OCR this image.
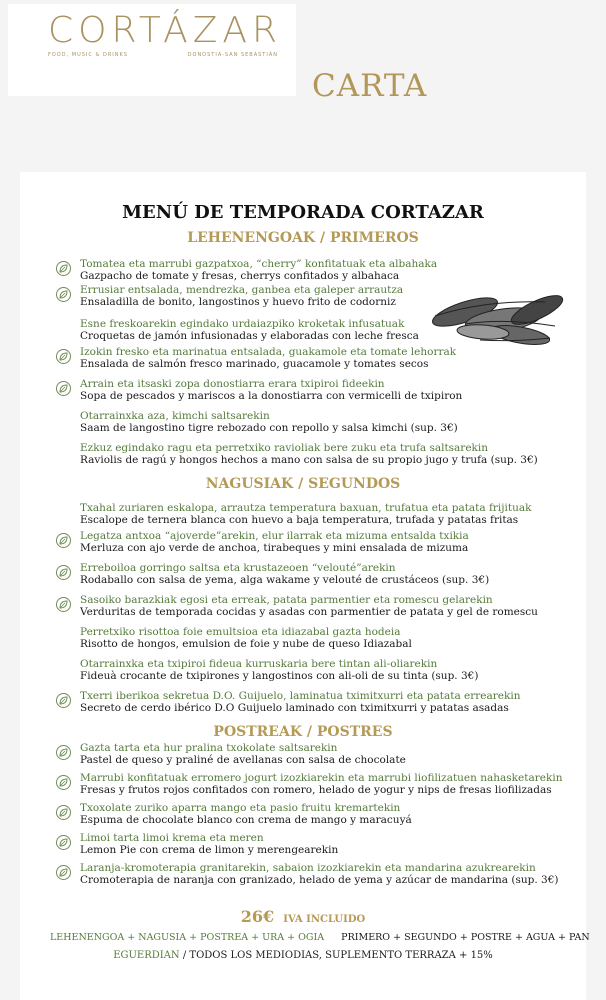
CORTÁZAR
FOOD, MUSIC & DRINKS	DONOSTIA-SAN SEBASTIÁN
CARTA
MENÚ DE TEMPORADA CORTAZAR
LEHENENGOAK / PRIMEROS
Tomatea eta marrubi gazpatxoa, “cherry” konfitatuak eta albahaka
Gazpacho de tomate y fresas, cherrys confitados y albahaca
Errusiar entsalada, mendrezka, ganbea eta galeper arrautza
Ensaladilla de bonito, langostinos y huevo frito de codorniz
Esne freskoarekin egindako urdaiazpiko kroketak infusatuak
Croquetas de jamón infusionadas y elaboradas con leche fresca
Izokin fresko eta marinatua entsalada, guakamole eta tomate lehorrak
Ensalada de salmón fresco marinado, guacamole y tomates secos
Arrain eta itsaski zopa donostiarra erara txipiroi fideekin
Sopa de pescados y mariscos a la donostiarra con vermicelli de txipiron
Otarrainxka aza, kimchi saltsarekin
Saam de langostino tigre rebozado con repollo y salsa kimchi (sup. 3€)
Ezkuz egindako ragu eta perretxiko ravioliak bere zuku eta trufa saltsarekin
Raviolis de ragú y hongos hechos a mano con salsa de su propio jugo y trufa (sup. 3€)
NAGUSIAK / SEGUNDOS
Txahal zuriaren eskalopa, arrautza temperatura baxuan, trufatua eta patata frijituak
Escalope de ternera blanca con huevo a baja temperatura, trufada y patatas fritas
Legatza antxoa “ajoverde”arekin, elur ilarrak eta mizuma entsalda txikia
Merluza con ajo verde de anchoa, tirabeques y mini ensalada de mizuma
Erreboiloa gorringo saltsa eta krustazeoen “velouté”arekin
Rodaballo con salsa de yema, alga wakame y velouté de crustáceos (sup. 3€)
Sasoiko barazkiak egosi eta erreak, patata parmentier eta romescu gelarekin
Verduritas de temporada cocidas y asadas con parmentier de patata y gel de romescu
Perretxiko risottoa foie emultsioa eta idiazabal gazta hodeia
Risotto de hongos, emulsion de foie y nube de queso Idiazabal
Otarrainxka eta txipiroi fideua kurruskaria bere tintan ali-oliarekin
Fideuà crocante de txipirones y langostinos con ali-oli de su tinta (sup. 3€)
Txerri iberikoa sekretua D.O. Guijuelo, laminatua tximitxurri eta patata errearekin
Secreto de cerdo ibérico D.O Guijuelo laminado con tximitxurri y patatas asadas
POSTREAK / POSTRES
Gazta tarta eta hur pralina txokolate saltsarekin
Pastel de queso y praliné de avellanas con salsa de chocolate
Marrubi konfitatuak erromero jogurt izozkiarekin eta marrubi liofilizatuen nahasketarekin
Fresas y frutos rojos confitados con romero, helado de yogur y nips de fresas liofilizadas
Txoxolate zuriko aparra mango eta pasio fruitu kremartekin
Espuma de chocolate blanco con crema de mango y maracuyá
Limoi tarta limoi krema eta meren
Lemon Pie con crema de limon y merengearekin
Laranja-kromoterapia granitarekin, sabaion izozkiarekin eta mandarina azukrearekin
Cromoterapia de naranja con granizado, helado de yema y azúcar de mandarina (sup. 3€)
26€ IVA INCLUIDO
LEHENENGOA + NAGUSIA + POSTREA + URA + OGIA PRIMERO + SEGUNDO + POSTRE + AGUA + PAN
EGUERDIAN / TODOS LOS MEDIODIAS, SUPLEMENTO TERRAZA + 15%
